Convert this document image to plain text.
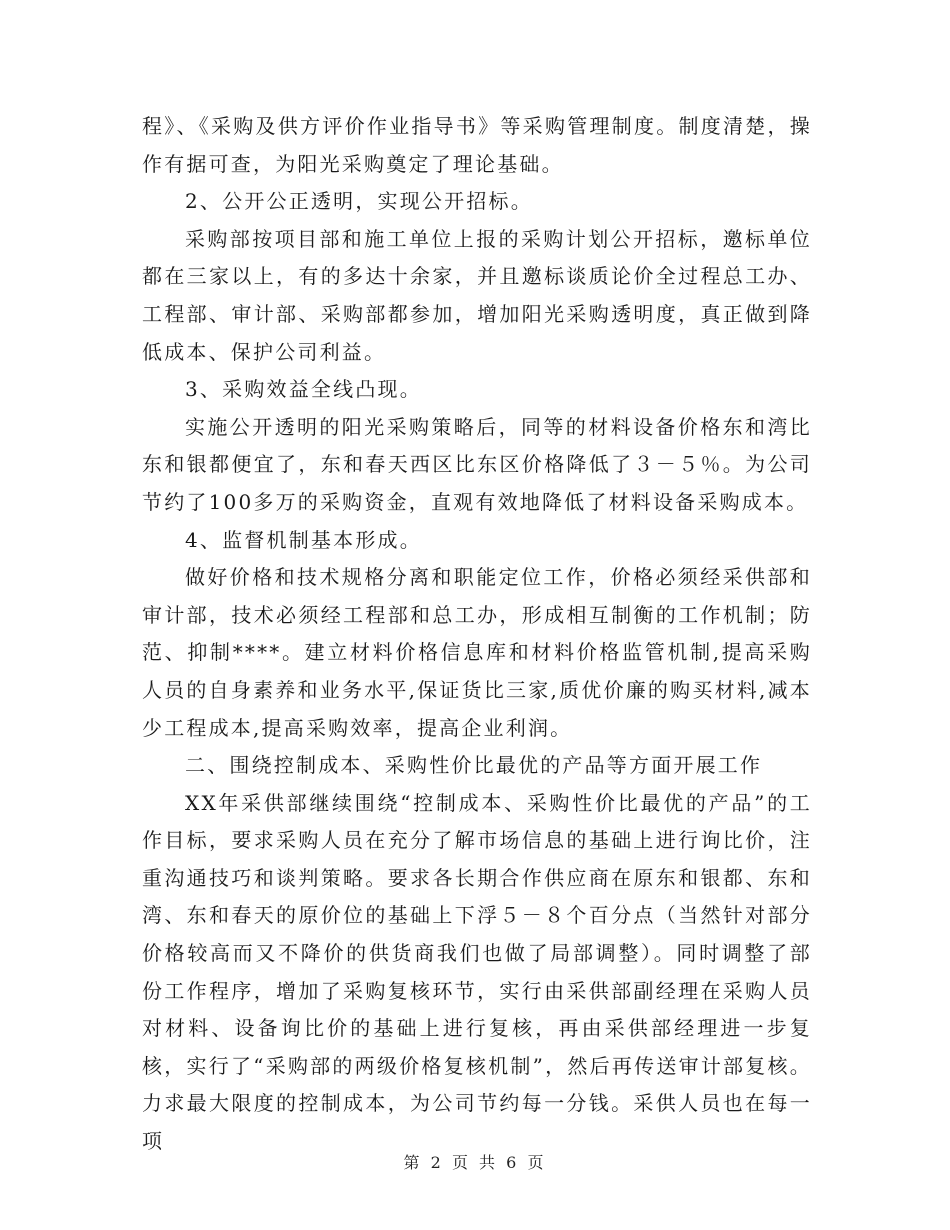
程》、《采购及供方评价作业指导书》等采购管理制度。制度清楚，操作有据可查，为阳光采购奠定了理论基础。

2、公开公正透明，实现公开招标。

采购部按项目部和施工单位上报的采购计划公开招标，邀标单位都在三家以上，有的多达十余家，并且邀标谈质论价全过程总工办、工程部、审计部、采购部都参加，增加阳光采购透明度，真正做到降低成本、保护公司利益。

3、采购效益全线凸现。

实施公开透明的阳光采购策略后，同等的材料设备价格东和湾比东和银都便宜了，东和春天西区比东区价格降低了３－５％。为公司节约了100多万的采购资金，直观有效地降低了材料设备采购成本。

4、监督机制基本形成。

做好价格和技术规格分离和职能定位工作，价格必须经采供部和审计部，技术必须经工程部和总工办，形成相互制衡的工作机制；防范、抑制****。建立材料价格信息库和材料价格监管机制,提高采购人员的自身素养和业务水平,保证货比三家,质优价廉的购买材料,减本少工程成本,提高采购效率，提高企业利润。

二、围绕控制成本、采购性价比最优的产品等方面开展工作

XX年采供部继续围绕“控制成本、采购性价比最优的产品”的工作目标，要求采购人员在充分了解市场信息的基础上进行询比价，注重沟通技巧和谈判策略。要求各长期合作供应商在原东和银都、东和湾、东和春天的原价位的基础上下浮５－８个百分点（当然针对部分价格较高而又不降价的供货商我们也做了局部调整）。同时调整了部份工作程序，增加了采购复核环节，实行由采供部副经理在采购人员对材料、设备询比价的基础上进行复核，再由采供部经理进一步复核，实行了“采购部的两级价格复核机制”，然后再传送审计部复核。力求最大限度的控制成本，为公司节约每一分钱。采供人员也在每一项

第 2 页 共 6 页
